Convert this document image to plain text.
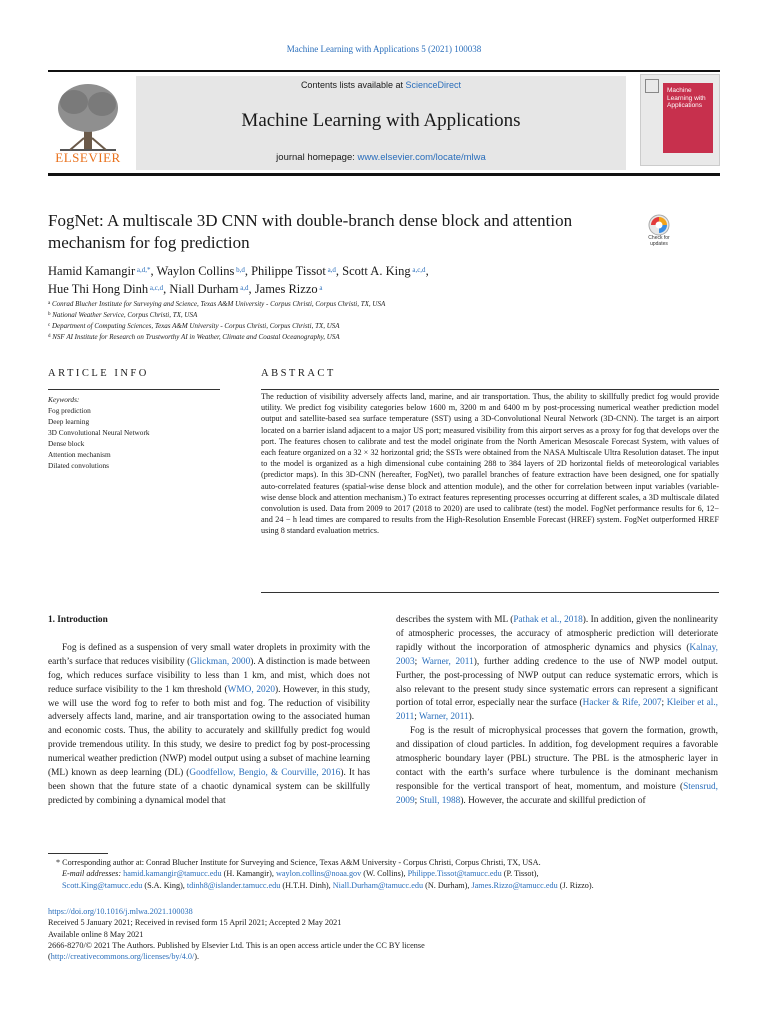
Machine Learning with Applications 5 (2021) 100038
ELSEVIER
Contents lists available at ScienceDirect
Machine Learning with Applications
journal homepage: www.elsevier.com/locate/mlwa
Machine Learning with Applications
FogNet: A multiscale 3D CNN with double-branch dense block and attention mechanism for fog prediction	Check for updates
Hamid Kamangir $^{a,d,*}$, Waylon Collins $^{b,d}$, Philippe Tissot $^{a,d}$, Scott A. King $^{a,c,d}$,
Hue Thi Hong Dinh $^{a,c,d}$, Niall Durham $^{a,d}$, James Rizzo $^a$
$^a$ Conrad Blucher Institute for Surveying and Science, Texas A&M University - Corpus Christi, Corpus Christi, TX, USA
$^b$ National Weather Service, Corpus Christi, TX, USA
$^c$ Department of Computing Sciences, Texas A&M University - Corpus Christi, Corpus Christi, TX, USA
$^d$ NSF AI Institute for Research on Trustworthy AI in Weather, Climate and Coastal Oceanography, USA
ARTICLE INFO	ABSTRACT
Keywords:
Fog prediction
Deep learning
3D Convolutional Neural Network
Dense block
Attention mechanism
Dilated convolutions
The reduction of visibility adversely affects land, marine, and air transportation. Thus, the ability to skillfully predict fog would provide utility. We predict fog visibility categories below 1600 m, 3200 m and 6400 m by post-processing numerical weather prediction model output and satellite-based sea surface temperature (SST) using a 3D-Convolutional Neural Network (3D-CNN). The target is an airport located on a barrier island adjacent to a major US port; measured visibility from this airport serves as a proxy for fog that develops over the port. The features chosen to calibrate and test the model originate from the North American Mesoscale Forecast System, with values of each feature organized on a 32 × 32 horizontal grid; the SSTs were obtained from the NASA Multiscale Ultra Resolution dataset. The input to the model is organized as a high dimensional cube containing 288 to 384 layers of 2D horizontal fields of meteorological variables (predictor maps). In this 3D-CNN (hereafter, FogNet), two parallel branches of feature extraction have been designed, one for spatially auto-correlated features (spatial-wise dense block and attention module), and the other for correlation between input variables (variable-wise dense block and attention mechanism.) To extract features representing processes occurring at different scales, a 3D multiscale dilated convolution is used. Data from 2009 to 2017 (2018 to 2020) are used to calibrate (test) the model. FogNet performance results for 6, 12− and 24 − h lead times are compared to results from the High-Resolution Ensemble Forecast (HREF) system. FogNet outperformed HREF using 8 standard evaluation metrics.
1. Introduction

Fog is defined as a suspension of very small water droplets in proximity with the earth’s surface that reduces visibility (Glickman, 2000). A distinction is made between fog, which reduces surface visibility to less than 1 km, and mist, which does not reduce surface visibility to the 1 km threshold (WMO, 2020). However, in this study, we will use the word fog to refer to both mist and fog. The reduction of visibility adversely affects land, marine, and air transportation owing to the associated human and economic costs. Thus, the ability to accurately and skillfully predict fog would provide tremendous utility. In this study, we desire to predict fog by post-processing numerical weather prediction (NWP) model output using a subset of machine learning (ML) known as deep learning (DL) (Goodfellow, Bengio, & Courville, 2016). It has been shown that the future state of a chaotic dynamical system can be skillfully predicted by combining a dynamical model that

describes the system with ML (Pathak et al., 2018). In addition, given the nonlinearity of atmospheric processes, the accuracy of atmospheric prediction will deteriorate rapidly without the incorporation of atmospheric dynamics and physics (Kalnay, 2003; Warner, 2011), further adding credence to the use of NWP model output. Further, the post-processing of NWP output can reduce systematic errors, which is also relevant to the present study since systematic errors can represent a significant portion of total error, especially near the surface (Hacker & Rife, 2007; Kleiber et al., 2011; Warner, 2011).

Fog is the result of microphysical processes that govern the formation, growth, and dissipation of cloud particles. In addition, fog development requires a favorable atmospheric boundary layer (PBL) structure. The PBL is the atmospheric layer in contact with the earth’s surface where turbulence is the dominant mechanism responsible for the vertical transport of heat, momentum, and moisture (Stensrud, 2009; Stull, 1988). However, the accurate and skillful prediction of

* Corresponding author at: Conrad Blucher Institute for Surveying and Science, Texas A&M University - Corpus Christi, Corpus Christi, TX, USA.
E-mail addresses: hamid.kamangir@tamucc.edu (H. Kamangir), waylon.collins@noaa.gov (W. Collins), Philippe.Tissot@tamucc.edu (P. Tissot),
Scott.King@tamucc.edu (S.A. King), tdinh8@islander.tamucc.edu (H.T.H. Dinh), Niall.Durham@tamucc.edu (N. Durham), James.Rizzo@tamucc.edu (J. Rizzo).
https://doi.org/10.1016/j.mlwa.2021.100038
Received 5 January 2021; Received in revised form 15 April 2021; Accepted 2 May 2021
Available online 8 May 2021
2666-8270/© 2021 The Authors. Published by Elsevier Ltd. This is an open access article under the CC BY license
(http://creativecommons.org/licenses/by/4.0/).
